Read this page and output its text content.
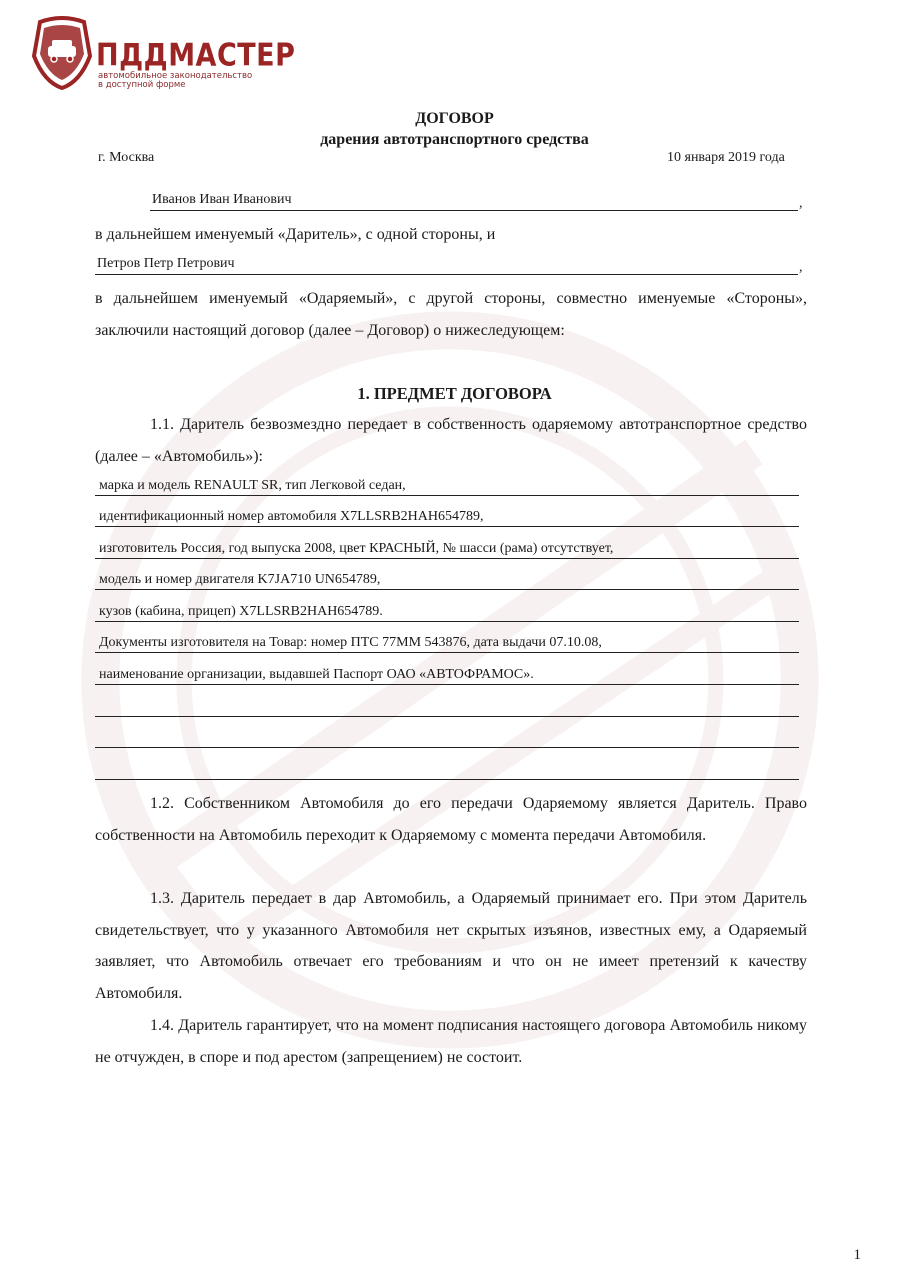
ПДДМАСТЕР
автомобильное законодательство
в доступной форме
ДОГОВОР
дарения автотранспортного средства
г. Москва	10 января 2019 года
Иванов Иван Иванович	,
в дальнейшем именуемый «Даритель», с одной стороны, и
Петров Петр Петрович	,
в дальнейшем именуемый «Одаряемый», с другой стороны, совместно именуемые «Стороны», заключили настоящий договор (далее – Договор) о нижеследующем:
1. ПРЕДМЕТ ДОГОВОРА
1.1. Даритель безвозмездно передает в собственность одаряемому автотранспортное средство (далее – «Автомобиль»):
марка и модель RENAULT SR, тип Легковой седан,
идентификационный номер автомобиля X7LLSRB2HAH654789,
изготовитель Россия, год выпуска 2008, цвет КРАСНЫЙ, № шасси (рама) отсутствует,
модель и номер двигателя K7JA710 UN654789,
кузов (кабина, прицеп) X7LLSRB2HAH654789.
Документы изготовителя на Товар: номер ПТС 77ММ 543876, дата выдачи 07.10.08,
наименование организации, выдавшей Паспорт ОАО «АВТОФРАМОС».
1.2. Собственником Автомобиля до его передачи Одаряемому является Даритель. Право собственности на Автомобиль переходит к Одаряемому с момента передачи Автомобиля.
1.3. Даритель передает в дар Автомобиль, а Одаряемый принимает его. При этом Даритель свидетельствует, что у указанного Автомобиля нет скрытых изъянов, известных ему, а Одаряемый заявляет, что Автомобиль отвечает его требованиям и что он не имеет претензий к качеству Автомобиля.
1.4. Даритель гарантирует, что на момент подписания настоящего договора Автомобиль никому не отчужден, в споре и под арестом (запрещением) не состоит.
1
